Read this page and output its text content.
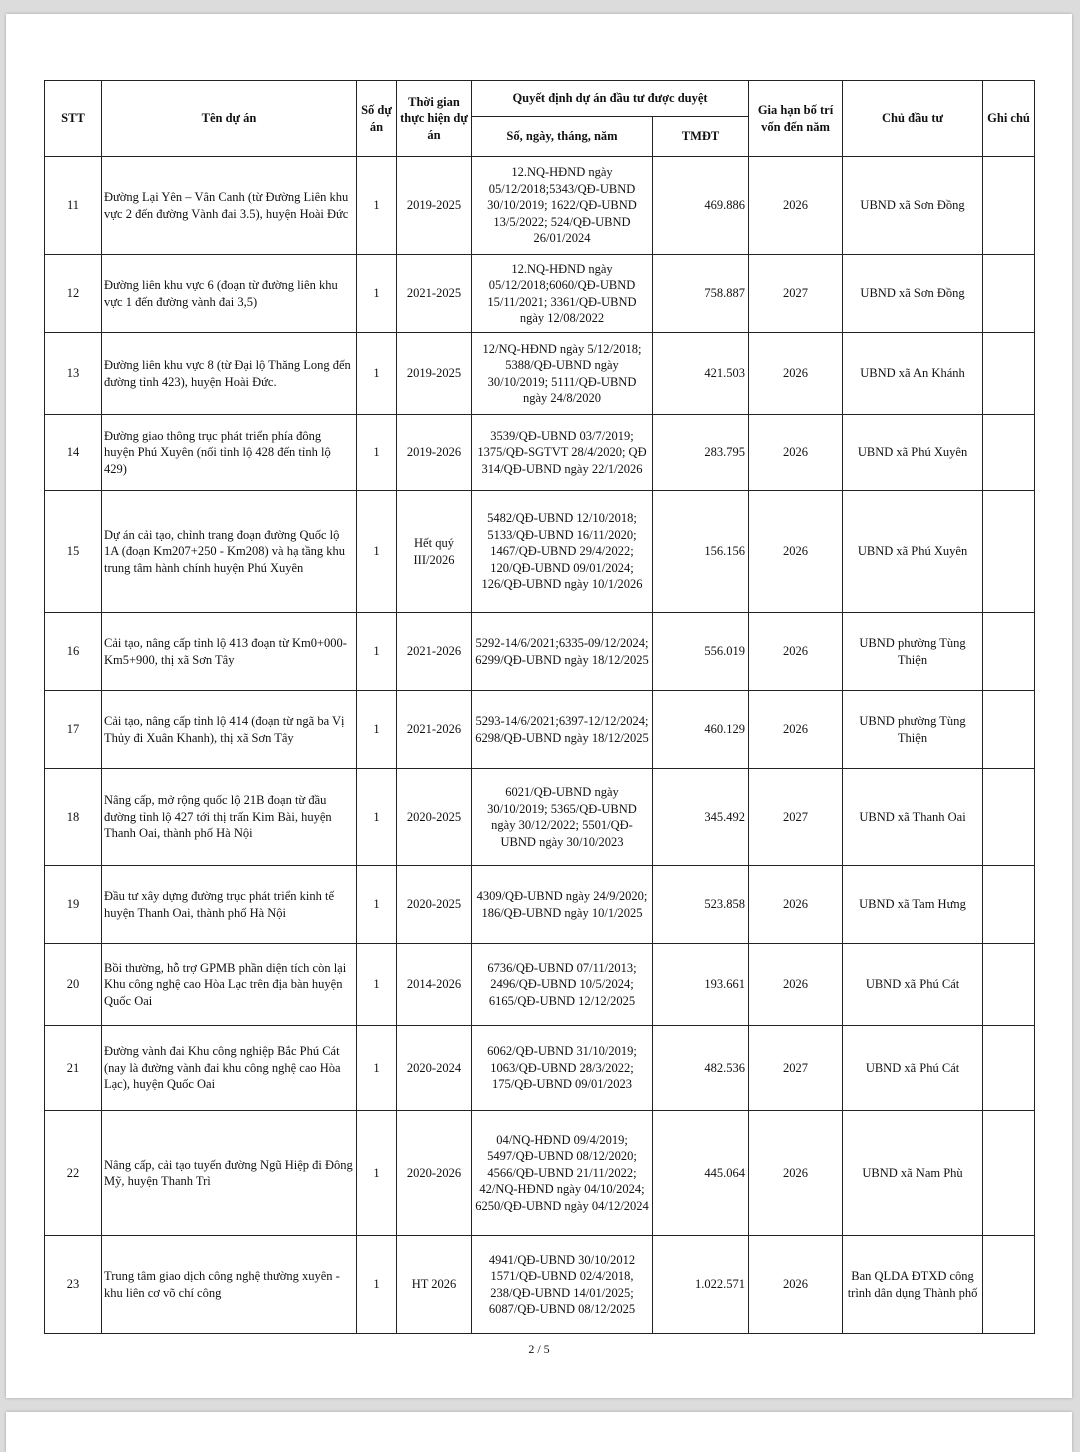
STT	Tên dự án	Số dự án	Thời gian thực hiện dự án	Quyết định dự án đầu tư được duyệt		Gia hạn bố trí vốn đến năm	Chủ đầu tư	Ghi chú
				Số, ngày, tháng, năm	TMĐT			
11	Đường Lại Yên – Vân Canh (từ Đường Liên khu vực 2 đến đường Vành đai 3.5), huyện Hoài Đức	1	2019-2025	12.NQ-HĐND ngày 05/12/2018;5343/QĐ-UBND 30/10/2019; 1622/QĐ-UBND 13/5/2022; 524/QĐ-UBND 26/01/2024	469.886	2026	UBND xã Sơn Đồng	
12	Đường liên khu vực 6 (đoạn từ đường liên khu vực 1 đến đường vành đai 3,5)	1	2021-2025	12.NQ-HĐND ngày 05/12/2018;6060/QĐ-UBND 15/11/2021; 3361/QĐ-UBND ngày 12/08/2022	758.887	2027	UBND xã Sơn Đồng	
13	Đường liên khu vực 8 (từ Đại lộ Thăng Long đến đường tỉnh 423), huyện Hoài Đức.	1	2019-2025	12/NQ-HĐND ngày 5/12/2018; 5388/QĐ-UBND ngày 30/10/2019; 5111/QĐ-UBND ngày 24/8/2020	421.503	2026	UBND xã An Khánh	
14	Đường giao thông trục phát triển phía đông huyện Phú Xuyên (nối tỉnh lộ 428 đến tỉnh lộ 429)	1	2019-2026	3539/QĐ-UBND 03/7/2019; 1375/QĐ-SGTVT 28/4/2020; QĐ 314/QĐ-UBND ngày 22/1/2026	283.795	2026	UBND xã Phú Xuyên	
15	Dự án cải tạo, chỉnh trang đoạn đường Quốc lộ 1A (đoạn Km207+250 - Km208) và hạ tầng khu trung tâm hành chính huyện Phú Xuyên	1	Hết quý III/2026	5482/QĐ-UBND 12/10/2018; 5133/QĐ-UBND 16/11/2020; 1467/QĐ-UBND 29/4/2022; 120/QĐ-UBND 09/01/2024; 126/QĐ-UBND ngày 10/1/2026	156.156	2026	UBND xã Phú Xuyên	
16	Cải tạo, nâng cấp tỉnh lộ 413 đoạn từ Km0+000-Km5+900, thị xã Sơn Tây	1	2021-2026	5292-14/6/2021;6335-09/12/2024; 6299/QĐ-UBND ngày 18/12/2025	556.019	2026	UBND phường Tùng Thiện	
17	Cải tạo, nâng cấp tỉnh lộ 414 (đoạn từ ngã ba Vị Thủy đi Xuân Khanh), thị xã Sơn Tây	1	2021-2026	5293-14/6/2021;6397-12/12/2024; 6298/QĐ-UBND ngày 18/12/2025	460.129	2026	UBND phường Tùng Thiện	
18	Nâng cấp, mở rộng quốc lộ 21B đoạn từ đầu đường tỉnh lộ 427 tới thị trấn Kim Bài, huyện Thanh Oai, thành phố Hà Nội	1	2020-2025	6021/QĐ-UBND ngày 30/10/2019; 5365/QĐ-UBND ngày 30/12/2022; 5501/QĐ-UBND ngày 30/10/2023	345.492	2027	UBND xã Thanh Oai	
19	Đầu tư xây dựng đường trục phát triển kinh tế huyện Thanh Oai, thành phố Hà Nội	1	2020-2025	4309/QĐ-UBND ngày 24/9/2020; 186/QĐ-UBND ngày 10/1/2025	523.858	2026	UBND xã Tam Hưng	
20	Bồi thường, hỗ trợ GPMB phần diện tích còn lại Khu công nghệ cao Hòa Lạc trên địa bàn huyện Quốc Oai	1	2014-2026	6736/QĐ-UBND 07/11/2013; 2496/QĐ-UBND 10/5/2024; 6165/QĐ-UBND 12/12/2025	193.661	2026	UBND xã Phú Cát	
21	Đường vành đai Khu công nghiệp Bắc Phú Cát (nay là đường vành đai khu công nghệ cao Hòa Lạc), huyện Quốc Oai	1	2020-2024	6062/QĐ-UBND 31/10/2019; 1063/QĐ-UBND 28/3/2022; 175/QĐ-UBND 09/01/2023	482.536	2027	UBND xã Phú Cát	
22	Nâng cấp, cải tạo tuyến đường Ngũ Hiệp đi Đông Mỹ, huyện Thanh Trì	1	2020-2026	04/NQ-HĐND 09/4/2019; 5497/QĐ-UBND 08/12/2020; 4566/QĐ-UBND 21/11/2022; 42/NQ-HĐND ngày 04/10/2024; 6250/QĐ-UBND ngày 04/12/2024	445.064	2026	UBND xã Nam Phù	
23	Trung tâm giao dịch công nghệ thường xuyên - khu liên cơ võ chí công	1	HT 2026	4941/QĐ-UBND 30/10/2012 1571/QĐ-UBND 02/4/2018, 238/QĐ-UBND 14/01/2025; 6087/QĐ-UBND 08/12/2025	1.022.571	2026	Ban QLDA ĐTXD công trình dân dụng Thành phố	
2 / 5
